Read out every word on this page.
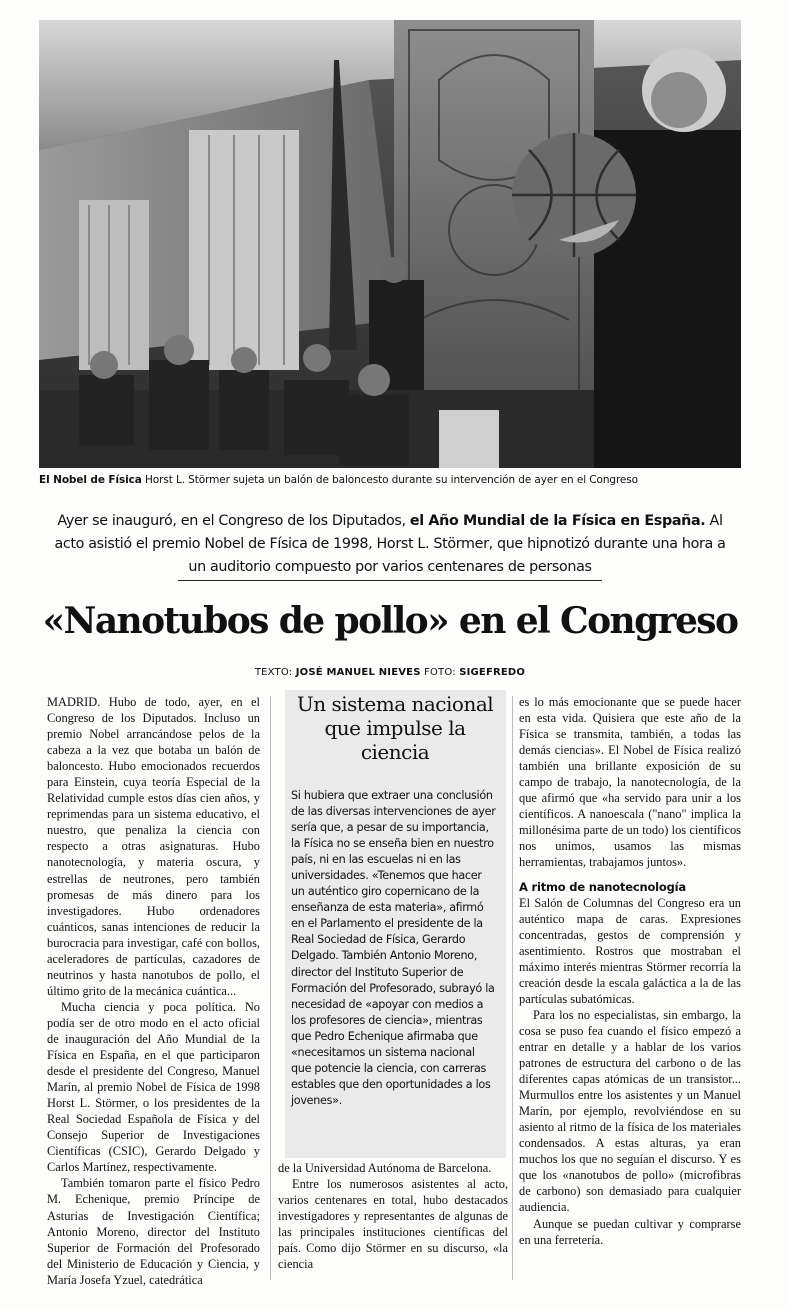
El Nobel de Física Horst L. Störmer sujeta un balón de baloncesto durante su intervención de ayer en el Congreso
Ayer se inauguró, en el Congreso de los Diputados, el Año Mundial de la Física en España. Al
acto asistió el premio Nobel de Física de 1998, Horst L. Störmer, que hipnotizó durante una hora a
un auditorio compuesto por varios centenares de personas
«Nanotubos de pollo» en el Congreso
TEXTO: JOSÉ MANUEL NIEVES FOTO: SIGEFREDO

MADRID. Hubo de todo, ayer, en el Congreso de los Diputados. Incluso un premio Nobel arrancándose pelos de la cabeza a la vez que botaba un balón de baloncesto. Hubo emocionados recuerdos para Einstein, cuya teoría Especial de la Relatividad cumple estos días cien años, y reprimendas para un sistema educativo, el nuestro, que penaliza la ciencia con respecto a otras asignaturas. Hubo nanotecnología, y materia oscura, y estrellas de neutrones, pero también promesas de más dinero para los investigadores. Hubo ordenadores cuánticos, sanas intenciones de reducir la burocracia para investigar, café con bollos, aceleradores de partículas, cazadores de neutrinos y hasta nanotubos de pollo, el último grito de la mecánica cuántica...

Mucha ciencia y poca política. No podía ser de otro modo en el acto oficial de inauguración del Año Mundial de la Física en España, en el que participaron desde el presidente del Congreso, Manuel Marín, al premio Nobel de Física de 1998 Horst L. Störmer, o los presidentes de la Real Sociedad Española de Física y del Consejo Superior de Investigaciones Científicas (CSIC), Gerardo Delgado y Carlos Martínez, respectivamente.

También tomaron parte el físico Pedro M. Echenique, premio Príncipe de Asturias de Investigación Científica; Antonio Moreno, director del Instituto Superior de Formación del Profesorado del Ministerio de Educación y Ciencia, y María Josefa Yzuel, catedrática

Un sistema nacional que impulse la ciencia

Si hubiera que extraer una conclusión de las diversas intervenciones de ayer sería que, a pesar de su importancia, la Física no se enseña bien en nuestro país, ni en las escuelas ni en las universidades. «Tenemos que hacer un auténtico giro copernicano de la enseñanza de esta materia», afirmó en el Parlamento el presidente de la Real Sociedad de Física, Gerardo Delgado. También Antonio Moreno, director del Instituto Superior de Formación del Profesorado, subrayó la necesidad de «apoyar con medios a los profesores de ciencia», mientras que Pedro Echenique afirmaba que «necesitamos un sistema nacional que potencie la ciencia, con carreras estables que den oportunidades a los jovenes».

de la Universidad Autónoma de Barcelona.

Entre los numerosos asistentes al acto, varios centenares en total, hubo destacados investigadores y representantes de algunas de las principales instituciones científicas del país. Como dijo Störmer en su discurso, «la ciencia

es lo más emocionante que se puede hacer en esta vida. Quisiera que este año de la Física se transmita, también, a todas las demás ciencias». El Nobel de Física realizó también una brillante exposición de su campo de trabajo, la nanotecnología, de la que afirmó que «ha servido para unir a los científicos. A nanoescala ("nano" implica la millonésima parte de un todo) los científicos nos unimos, usamos las mismas herramientas, trabajamos juntos».

A ritmo de nanotecnología

El Salón de Columnas del Congreso era un auténtico mapa de caras. Expresiones concentradas, gestos de comprensión y asentimiento. Rostros que mostraban el máximo interés mientras Störmer recorría la creación desde la escala galáctica a la de las partículas subatómicas.

Para los no especialistas, sin embargo, la cosa se puso fea cuando el físico empezó a entrar en detalle y a hablar de los varios patrones de estructura del carbono o de las diferentes capas atómicas de un transistor... Murmullos entre los asistentes y un Manuel Marín, por ejemplo, revolviéndose en su asiento al ritmo de la física de los materiales condensados. A estas alturas, ya eran muchos los que no seguían el discurso. Y es que los «nanotubos de pollo» (microfibras de carbono) son demasiado para cualquier audiencia.

Aunque se puedan cultivar y comprarse en una ferretería.
